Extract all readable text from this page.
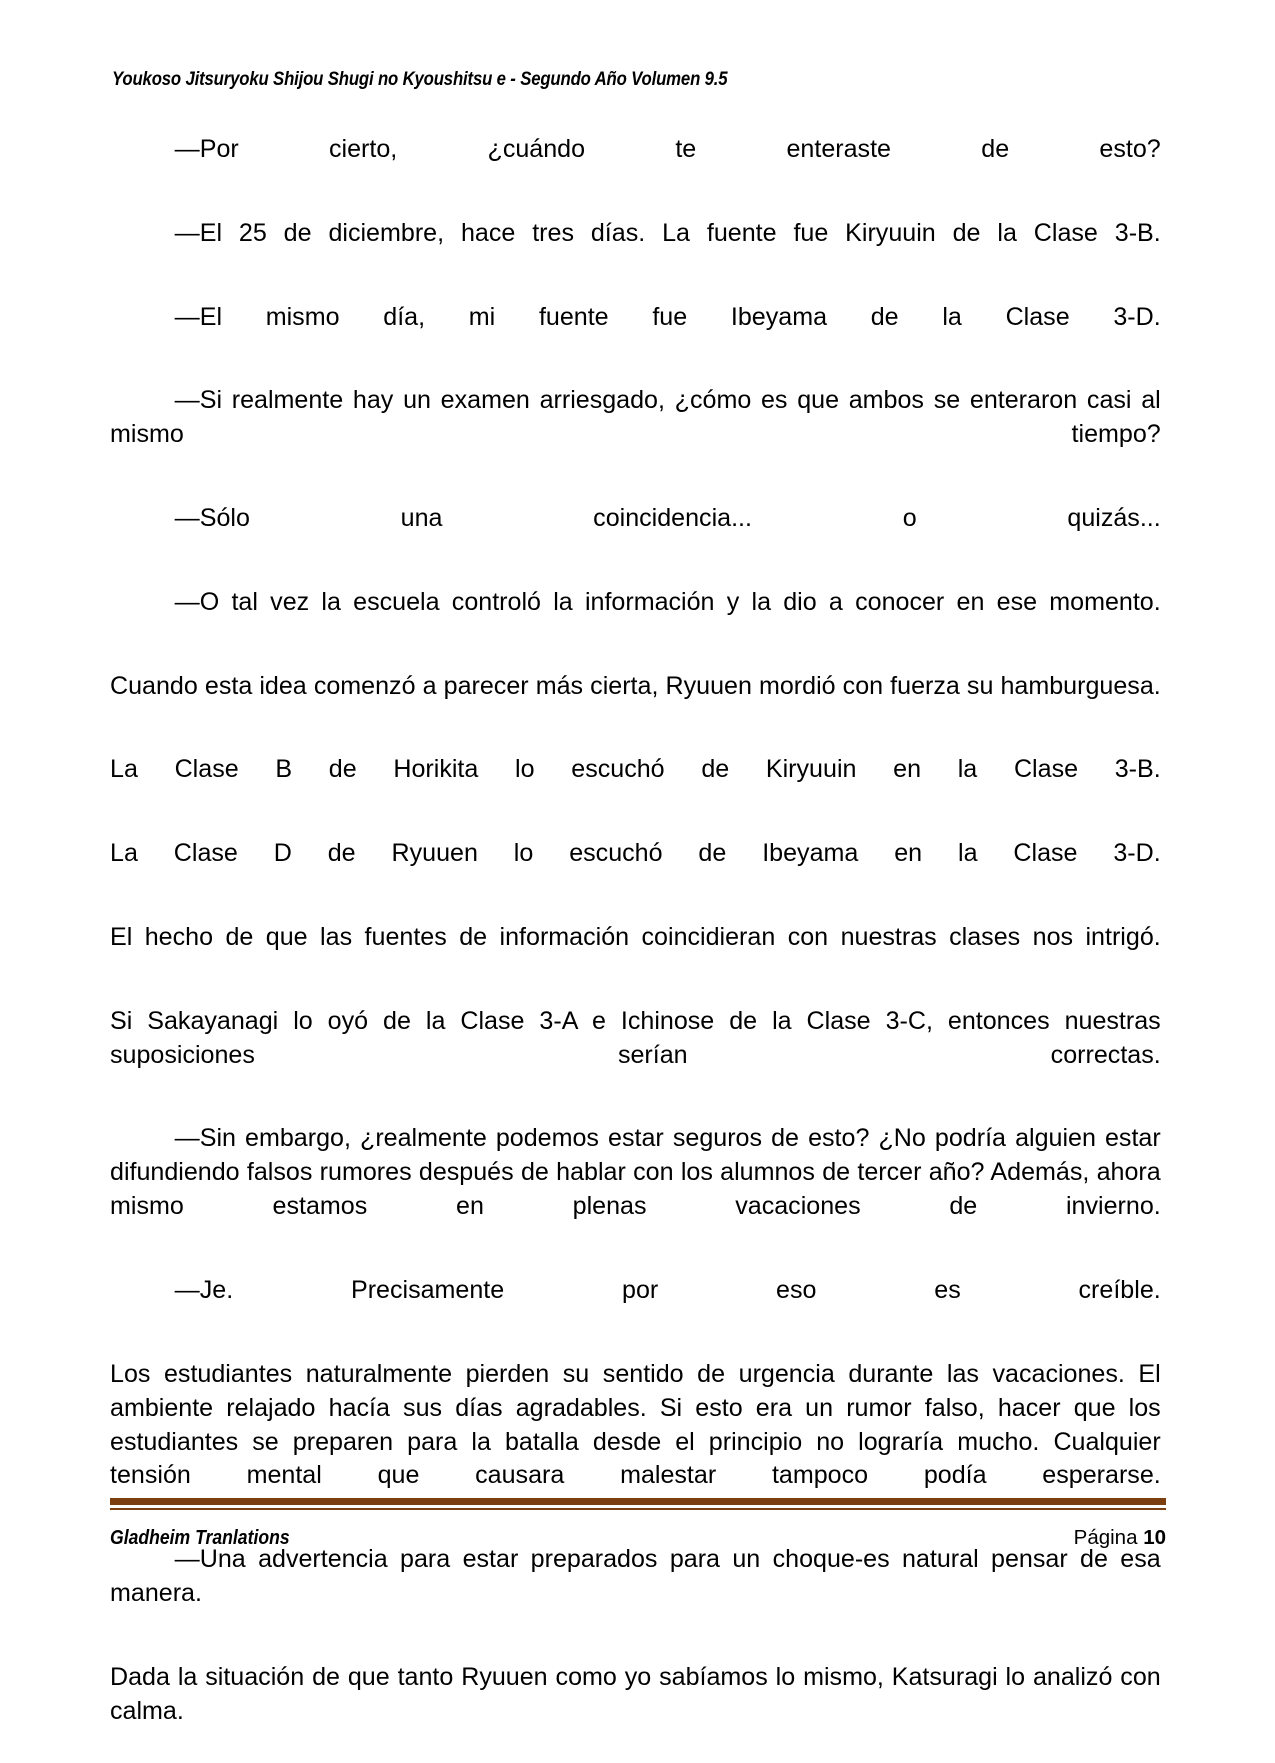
Youkoso Jitsuryoku Shijou Shugi no Kyoushitsu e - Segundo Año Volumen 9.5

—Por cierto, ¿cuándo te enteraste de esto?

—El 25 de diciembre, hace tres días. La fuente fue Kiryuuin de la Clase 3-B.

—El mismo día, mi fuente fue Ibeyama de la Clase 3-D.

—Si realmente hay un examen arriesgado, ¿cómo es que ambos se enteraron casi al mismo tiempo?

—Sólo una coincidencia... o quizás...

—O tal vez la escuela controló la información y la dio a conocer en ese momento.

Cuando esta idea comenzó a parecer más cierta, Ryuuen mordió con fuerza su hamburguesa.

La Clase B de Horikita lo escuchó de Kiryuuin en la Clase 3-B.

La Clase D de Ryuuen lo escuchó de Ibeyama en la Clase 3-D.

El hecho de que las fuentes de información coincidieran con nuestras clases nos intrigó.

Si Sakayanagi lo oyó de la Clase 3-A e Ichinose de la Clase 3-C, entonces nuestras suposiciones serían correctas.

—Sin embargo, ¿realmente podemos estar seguros de esto? ¿No podría alguien estar difundiendo falsos rumores después de hablar con los alumnos de tercer año? Además, ahora mismo estamos en plenas vacaciones de invierno.

—Je. Precisamente por eso es creíble.

Los estudiantes naturalmente pierden su sentido de urgencia durante las vacaciones. El ambiente relajado hacía sus días agradables. Si esto era un rumor falso, hacer que los estudiantes se preparen para la batalla desde el principio no lograría mucho. Cualquier tensión mental que causara malestar tampoco podía esperarse.

—Una advertencia para estar preparados para un choque-es natural pensar de esa manera.

Dada la situación de que tanto Ryuuen como yo sabíamos lo mismo, Katsuragi lo analizó con calma.

Gladheim Tranlations	Página 10
